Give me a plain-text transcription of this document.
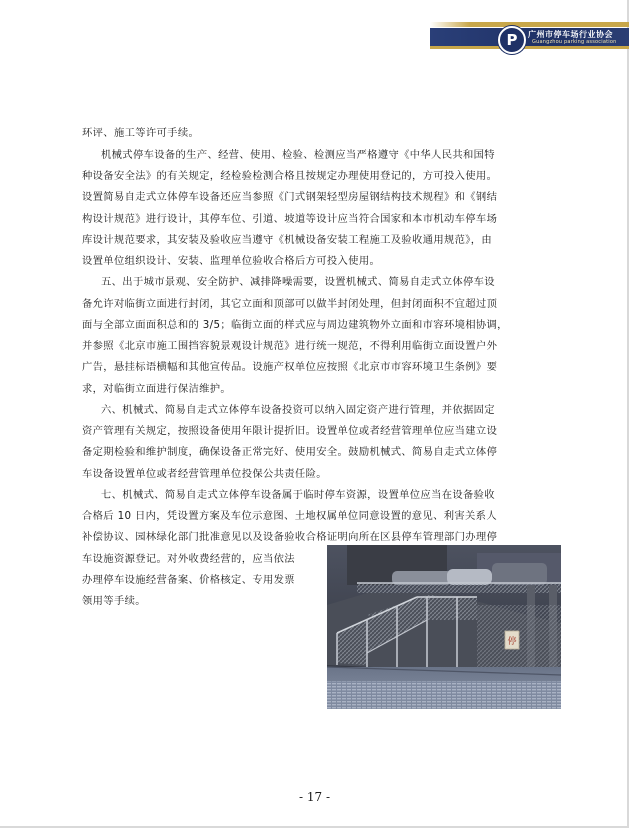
P	广州市停车场行业协会
Guangzhou parking association
环评、施工等许可手续。
机械式停车设备的生产、经营、使用、检验、检测应当严格遵守《中华人民共和国特
种设备安全法》的有关规定，经检验检测合格且按规定办理使用登记的，方可投入使用。
设置简易自走式立体停车设备还应当参照《门式钢架轻型房屋钢结构技术规程》和《钢结
构设计规范》进行设计，其停车位、引道、坡道等设计应当符合国家和本市机动车停车场
库设计规范要求，其安装及验收应当遵守《机械设备安装工程施工及验收通用规范》，由
设置单位组织设计、安装、监理单位验收合格后方可投入使用。
五、出于城市景观、安全防护、减排降噪需要，设置机械式、简易自走式立体停车设
备允许对临街立面进行封闭，其它立面和顶部可以做半封闭处理，但封闭面积不宜超过顶
面与全部立面面积总和的 3/5；临街立面的样式应与周边建筑物外立面和市容环境相协调，
并参照《北京市施工围挡容貌景观设计规范》进行统一规范，不得利用临街立面设置户外
广告，悬挂标语横幅和其他宣传品。设施产权单位应按照《北京市市容环境卫生条例》要
求，对临街立面进行保洁维护。
六、机械式、简易自走式立体停车设备投资可以纳入固定资产进行管理，并依据固定
资产管理有关规定，按照设备使用年限计提折旧。设置单位或者经营管理单位应当建立设
备定期检验和维护制度，确保设备正常完好、使用安全。鼓励机械式、简易自走式立体停
车设备设置单位或者经营管理单位投保公共责任险。
七、机械式、简易自走式立体停车设备属于临时停车资源，设置单位应当在设备验收
合格后 10 日内，凭设置方案及车位示意图、土地权属单位同意设置的意见、利害关系人
补偿协议、园林绿化部门批准意见以及设备验收合格证明向所在区县停车管理部门办理停
车设施资源登记。对外收费经营的，应当依法
办理停车设施经营备案、价格核定、专用发票
领用等手续。
停
- 17 -
